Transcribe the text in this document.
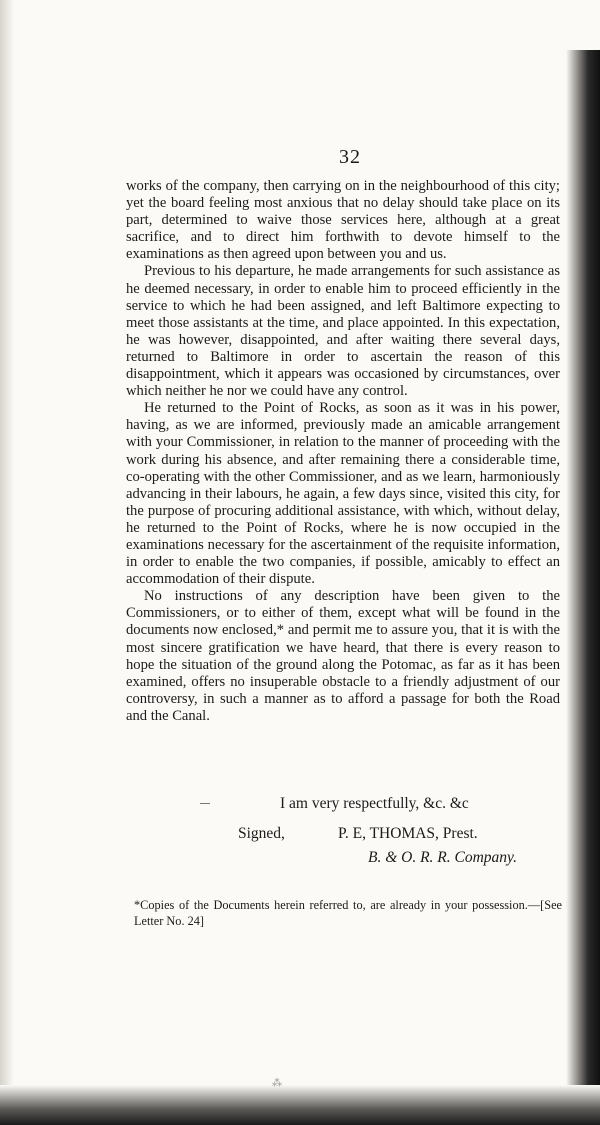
32

works of the company, then carrying on in the neighbourhood of this city; yet the board feeling most anxious that no delay should take place on its part, determined to waive those services here, although at a great sacrifice, and to direct him forthwith to devote himself to the examinations as then agreed upon between you and us.

Previous to his departure, he made arrangements for such assistance as he deemed necessary, in order to enable him to proceed efficiently in the service to which he had been assigned, and left Baltimore expecting to meet those assistants at the time, and place appointed. In this expectation, he was however, disappointed, and after waiting there several days, returned to Baltimore in order to ascertain the reason of this disappointment, which it appears was occasioned by circumstances, over which neither he nor we could have any control.

He returned to the Point of Rocks, as soon as it was in his power, having, as we are informed, previously made an amicable arrangement with your Commissioner, in relation to the manner of proceeding with the work during his absence, and after remaining there a considerable time, co-operating with the other Commissioner, and as we learn, harmoniously advancing in their labours, he again, a few days since, visited this city, for the purpose of procuring additional assistance, with which, without delay, he returned to the Point of Rocks, where he is now occupied in the examinations necessary for the ascertainment of the requisite information, in order to enable the two companies, if possible, amicably to effect an accommodation of their dispute.

No instructions of any description have been given to the Commissioners, or to either of them, except what will be found in the documents now enclosed,* and permit me to assure you, that it is with the most sincere gratification we have heard, that there is every reason to hope the situation of the ground along the Potomac, as far as it has been examined, offers no insuperable obstacle to a friendly adjustment of our controversy, in such a manner as to afford a passage for both the Road and the Canal.

I am very respectfully, &c. &c
Signed,	P. E, THOMAS, Prest.
B. & O. R. R. Company.
*Copies of the Documents herein referred to, are already in your possession.—[See Letter No. 24]
⁂
